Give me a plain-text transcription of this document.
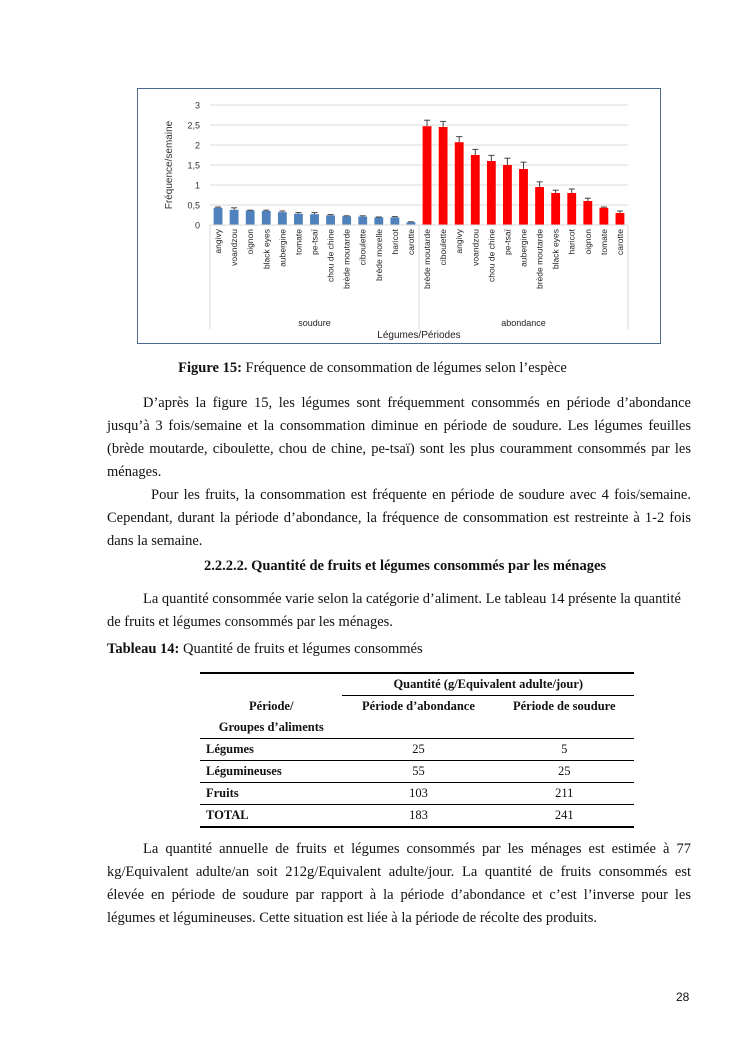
0
0,5
1
1,5
2
2,5
3
Fréquence/semaine
angivy voandzou oignon black eyes aubergine tomate pe-tsaï chou de chine brède moutarde ciboulette brède morelle haricot carotte brède moutarde ciboulette angivy voandzou chou de chine pe-tsaï aubergine brède moutarde black eyes haricot oignon tomate carotte
soudure	abondance
Légumes/Périodes
Figure 15: Fréquence de consommation de légumes selon l’espèce

D’après la figure 15, les légumes sont fréquemment consommés en période d’abondance jusqu’à 3 fois/semaine et la consommation diminue en période de soudure. Les légumes feuilles (brède moutarde, ciboulette, chou de chine, pe-tsaï) sont les plus couramment consommés par les ménages.

Pour les fruits, la consommation est fréquente en période de soudure avec 4 fois/semaine. Cependant, durant la période d’abondance, la fréquence de consommation est restreinte à 1-2 fois dans la semaine.

2.2.2.2. Quantité de fruits et légumes consommés par les ménages

La quantité consommée varie selon la catégorie d’aliment. Le tableau 14 présente la quantité de fruits et légumes consommés par les ménages.

Tableau 14: Quantité de fruits et légumes consommés
	Quantité (g/Equivalent adulte/jour)	
Période/	Période d’abondance	Période de soudure
Groupes d’aliments		
Légumes	25	5
Légumineuses	55	25
Fruits	103	211
TOTAL	183	241

La quantité annuelle de fruits et légumes consommés par les ménages est estimée à 77 kg/Equivalent adulte/an soit 212g/Equivalent adulte/jour. La quantité de fruits consommés est élevée en période de soudure par rapport à la période d’abondance et c’est l’inverse pour les légumes et légumineuses. Cette situation est liée à la période de récolte des produits.

28
